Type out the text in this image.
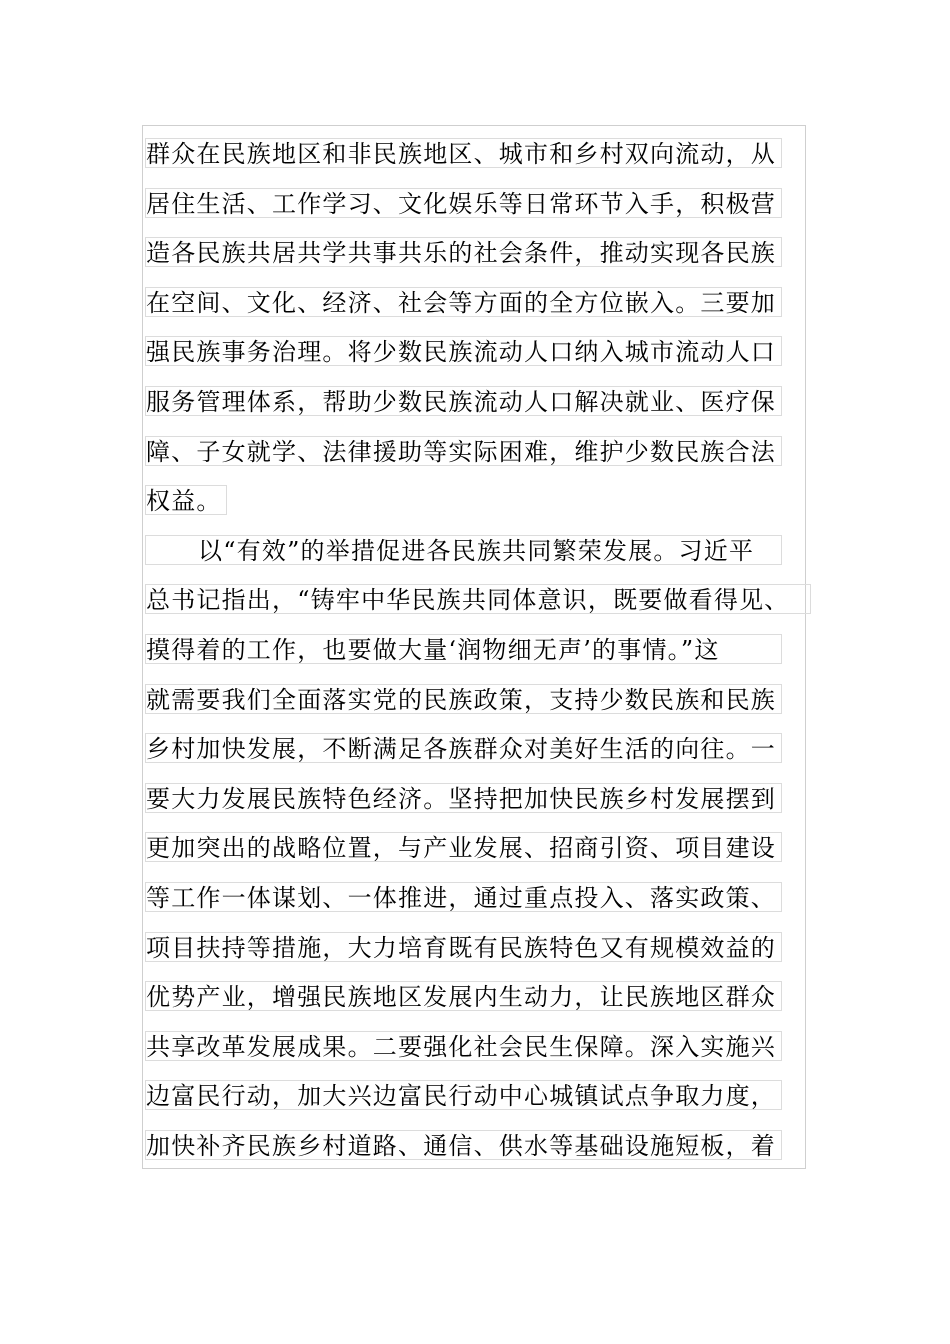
群众在民族地区和非民族地区、城市和乡村双向流动，从
居住生活、工作学习、文化娱乐等日常环节入手，积极营
造各民族共居共学共事共乐的社会条件，推动实现各民族
在空间、文化、经济、社会等方面的全方位嵌入。三要加
强民族事务治理。将少数民族流动人口纳入城市流动人口
服务管理体系，帮助少数民族流动人口解决就业、医疗保
障、子女就学、法律援助等实际困难，维护少数民族合法
权益。
以“有效”的举措促进各民族共同繁荣发展。习近平
总书记指出，“铸牢中华民族共同体意识，既要做看得见、
摸得着的工作，也要做大量‘润物细无声’的事情。”这
就需要我们全面落实党的民族政策，支持少数民族和民族
乡村加快发展，不断满足各族群众对美好生活的向往。一
要大力发展民族特色经济。坚持把加快民族乡村发展摆到
更加突出的战略位置，与产业发展、招商引资、项目建设
等工作一体谋划、一体推进，通过重点投入、落实政策、
项目扶持等措施，大力培育既有民族特色又有规模效益的
优势产业，增强民族地区发展内生动力，让民族地区群众
共享改革发展成果。二要强化社会民生保障。深入实施兴
边富民行动，加大兴边富民行动中心城镇试点争取力度，
加快补齐民族乡村道路、通信、供水等基础设施短板，着
